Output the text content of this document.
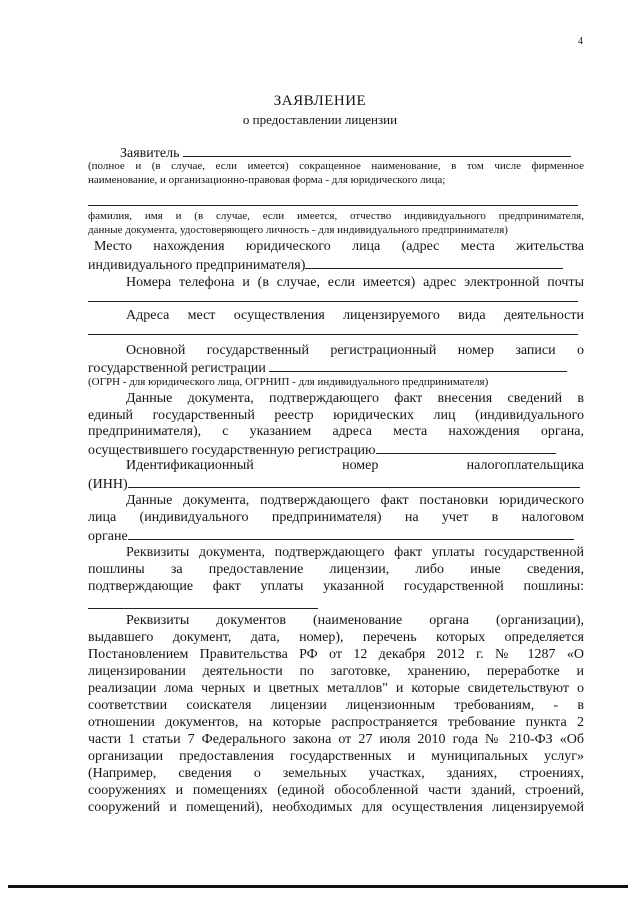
4
ЗАЯВЛЕНИЕ
о предоставлении лицензии
Заявитель
(полное и (в случае, если имеется) сокращенное наименование, в том числе фирменное
наименование, и организационно-правовая форма - для юридического лица;
фамилия, имя и (в случае, если имеется, отчество индивидуального предпринимателя,
данные документа, удостоверяющего личность - для индивидуального предпринимателя)
Место нахождения юридического лица (адрес места жительства
индивидуального предпринимателя)
Номера телефона и (в случае, если имеется) адрес электронной почты
Адреса мест осуществления лицензируемого вида деятельности
Основной государственный регистрационный номер записи о
государственной регистрации
(ОГРН - для юридического лица, ОГРНИП - для индивидуального предпринимателя)
Данные документа, подтверждающего факт внесения сведений в
единый государственный реестр юридических лиц (индивидуального
предпринимателя), с указанием адреса места нахождения органа,
осуществившего государственную регистрацию
Идентификационный номер налогоплательщика
(ИНН)
Данные документа, подтверждающего факт постановки юридического
лица (индивидуального предпринимателя) на учет в налоговом
органе
Реквизиты документа, подтверждающего факт уплаты государственной
пошлины за предоставление лицензии, либо иные сведения,
подтверждающие факт уплаты указанной государственной пошлины:
Реквизиты документов (наименование органа (организации),
выдавшего документ, дата, номер), перечень которых определяется
Постановлением Правительства РФ от 12 декабря 2012 г. № 1287 «О
лицензировании деятельности по заготовке, хранению, переработке и
реализации лома черных и цветных металлов" и которые свидетельствуют о
соответствии соискателя лицензии лицензионным требованиям, - в
отношении документов, на которые распространяется требование пункта 2
части 1 статьи 7 Федерального закона от 27 июля 2010 года № 210-ФЗ «Об
организации предоставления государственных и муниципальных услуг»
(Например, сведения о земельных участках, зданиях, строениях,
сооружениях и помещениях (единой обособленной части зданий, строений,
сооружений и помещений), необходимых для осуществления лицензируемой
